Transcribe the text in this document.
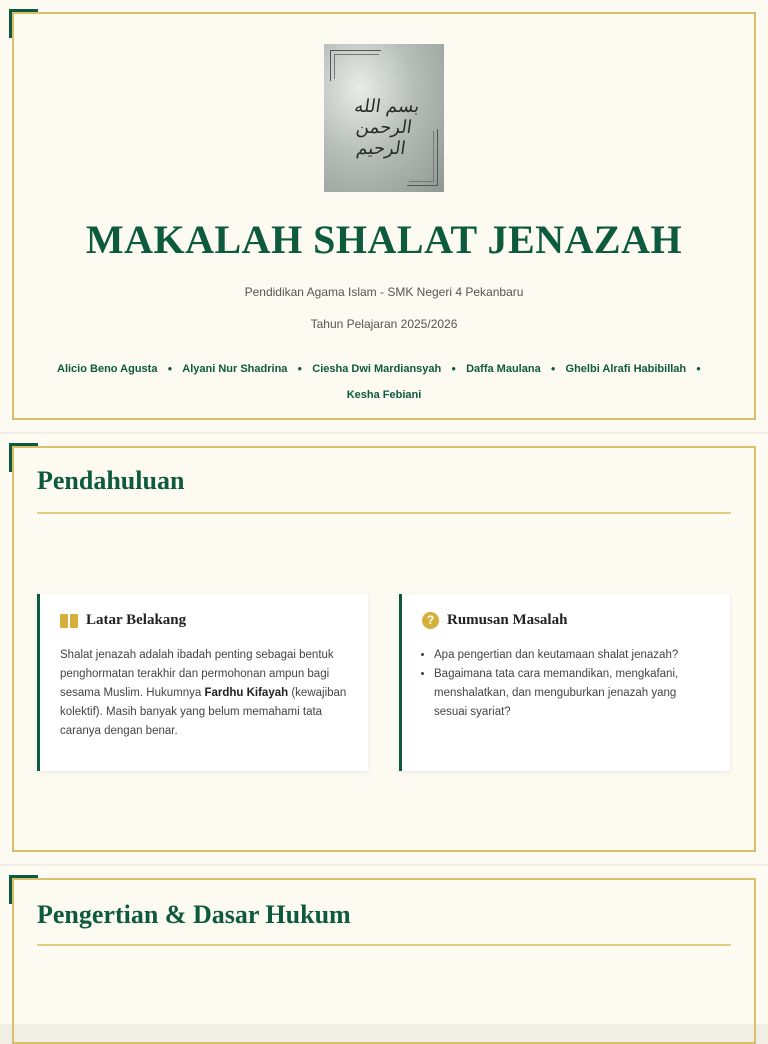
بسم الله الرحمن الرحيم
MAKALAH SHALAT JENAZAH
Pendidikan Agama Islam - SMK Negeri 4 Pekanbaru
Tahun Pelajaran 2025/2026
Alicio Beno Agusta ● Alyani Nur Shadrina ● Ciesha Dwi Mardiansyah ● Daffa Maulana ● Ghelbi Alrafi Habibillah ●
Kesha Febiani
Pendahuluan
Latar Belakang
Shalat jenazah adalah ibadah penting sebagai bentuk penghormatan terakhir dan permohonan ampun bagi sesama Muslim. Hukumnya Fardhu Kifayah (kewajiban kolektif). Masih banyak yang belum memahami tata caranya dengan benar.
? Rumusan Masalah
• Apa pengertian dan keutamaan shalat jenazah?
• Bagaimana tata cara memandikan, mengkafani, menshalatkan, dan menguburkan jenazah yang sesuai syariat?
Pengertian & Dasar Hukum
